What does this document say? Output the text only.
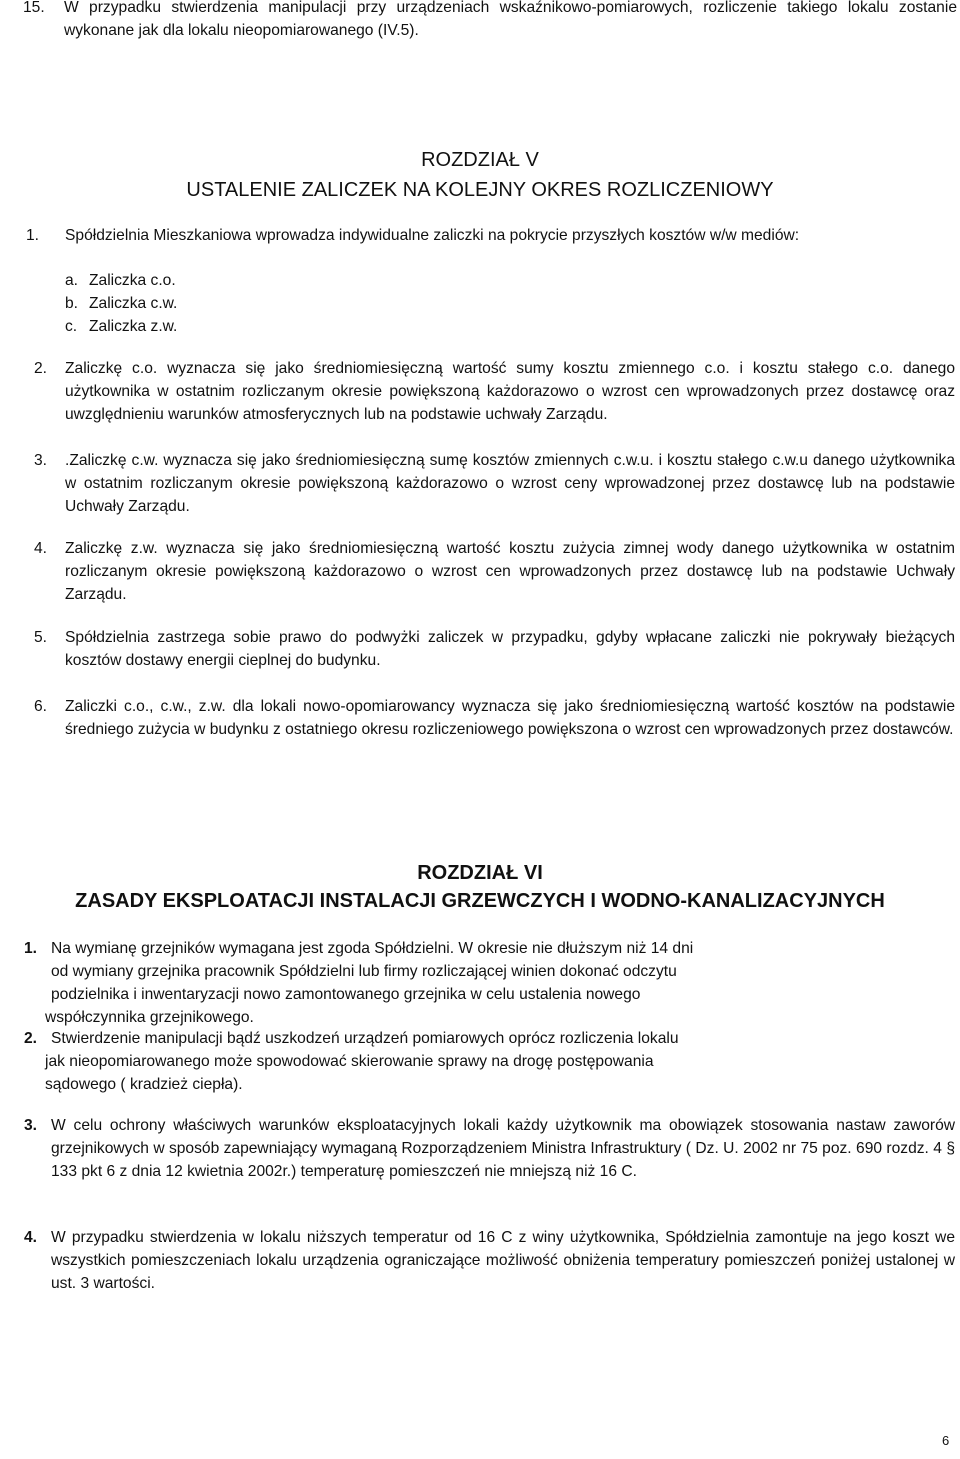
15. W przypadku stwierdzenia manipulacji przy urządzeniach wskaźnikowo-pomiarowych, rozliczenie takiego lokalu zostanie wykonane jak dla lokalu nieopomiarowanego (IV.5).
ROZDZIAŁ V
USTALENIE ZALICZEK NA KOLEJNY OKRES ROZLICZENIOWY
1. Spółdzielnia Mieszkaniowa wprowadza indywidualne zaliczki na pokrycie przyszłych kosztów w/w mediów:
a. Zaliczka c.o.
b. Zaliczka c.w.
c. Zaliczka z.w.
2. Zaliczkę c.o. wyznacza się jako średniomiesięczną wartość sumy kosztu zmiennego c.o. i kosztu stałego c.o. danego użytkownika w ostatnim rozliczanym okresie powiększoną każdorazowo o wzrost cen wprowadzonych przez dostawcę oraz uwzględnieniu warunków atmosferycznych lub na podstawie uchwały Zarządu.
3. .Zaliczkę c.w. wyznacza się jako średniomiesięczną sumę kosztów zmiennych c.w.u. i kosztu stałego c.w.u danego użytkownika w ostatnim rozliczanym okresie powiększoną każdorazowo o wzrost ceny wprowadzonej przez dostawcę lub na podstawie Uchwały Zarządu.
4. Zaliczkę z.w. wyznacza się jako średniomiesięczną wartość kosztu zużycia zimnej wody danego użytkownika w ostatnim rozliczanym okresie powiększoną każdorazowo o wzrost cen wprowadzonych przez dostawcę lub na podstawie Uchwały Zarządu.
5. Spółdzielnia zastrzega sobie prawo do podwyżki zaliczek w przypadku, gdyby wpłacane zaliczki nie pokrywały bieżących kosztów dostawy energii cieplnej do budynku.
6. Zaliczki c.o., c.w., z.w. dla lokali nowo-opomiarowancy wyznacza się jako średniomiesięczną wartość kosztów na podstawie średniego zużycia w budynku z ostatniego okresu rozliczeniowego powiększona o wzrost cen wprowadzonych przez dostawców.
ROZDZIAŁ VI
ZASADY EKSPLOATACJI INSTALACJI GRZEWCZYCH I WODNO-KANALIZACYJNYCH
1. Na wymianę grzejników wymagana jest zgoda Spółdzielni. W okresie nie dłuższym niż 14 dni
od wymiany grzejnika pracownik Spółdzielni lub firmy rozliczającej winien dokonać odczytu
podzielnika i inwentaryzacji nowo zamontowanego grzejnika w celu ustalenia nowego
współczynnika grzejnikowego.
2. Stwierdzenie manipulacji bądź uszkodzeń urządzeń pomiarowych oprócz rozliczenia lokalu
jak nieopomiarowanego może spowodować skierowanie sprawy na drogę postępowania
sądowego ( kradzież ciepła).
3. W celu ochrony właściwych warunków eksploatacyjnych lokali każdy użytkownik ma obowiązek stosowania nastaw zaworów grzejnikowych w sposób zapewniający wymaganą Rozporządzeniem Ministra Infrastruktury ( Dz. U. 2002 nr 75 poz. 690 rozdz. 4 § 133 pkt 6 z dnia 12 kwietnia 2002r.) temperaturę pomieszczeń nie mniejszą niż 16 C.
4. W przypadku stwierdzenia w lokalu niższych temperatur od 16 C z winy użytkownika, Spółdzielnia zamontuje na jego koszt we wszystkich pomieszczeniach lokalu urządzenia ograniczające możliwość obniżenia temperatury pomieszczeń poniżej ustalonej w ust. 3 wartości.
6
